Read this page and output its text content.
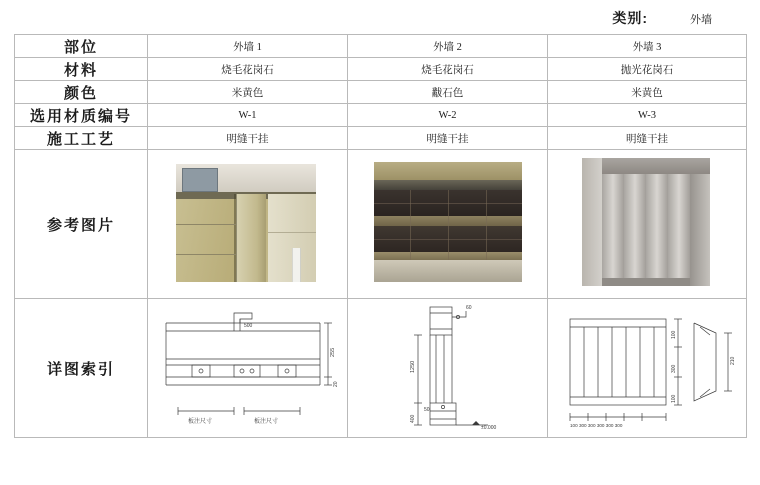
类别:	外墙
部位	外墙 1	外墙 2	外墙 3
材料	烧毛花岗石	烧毛花岗石	抛光花岗石
颜色	米黄色	黻石色	米黄色
选用材质编号	W-1	W-2	W-3
施工工艺	明缝干挂	明缝干挂	明缝干挂
参考图片	

详图索引	500
255
20
板注尺寸 板注尺寸	60
1250
50
400
±0.000	100
300
100
100 300 300 300 300 300
210
